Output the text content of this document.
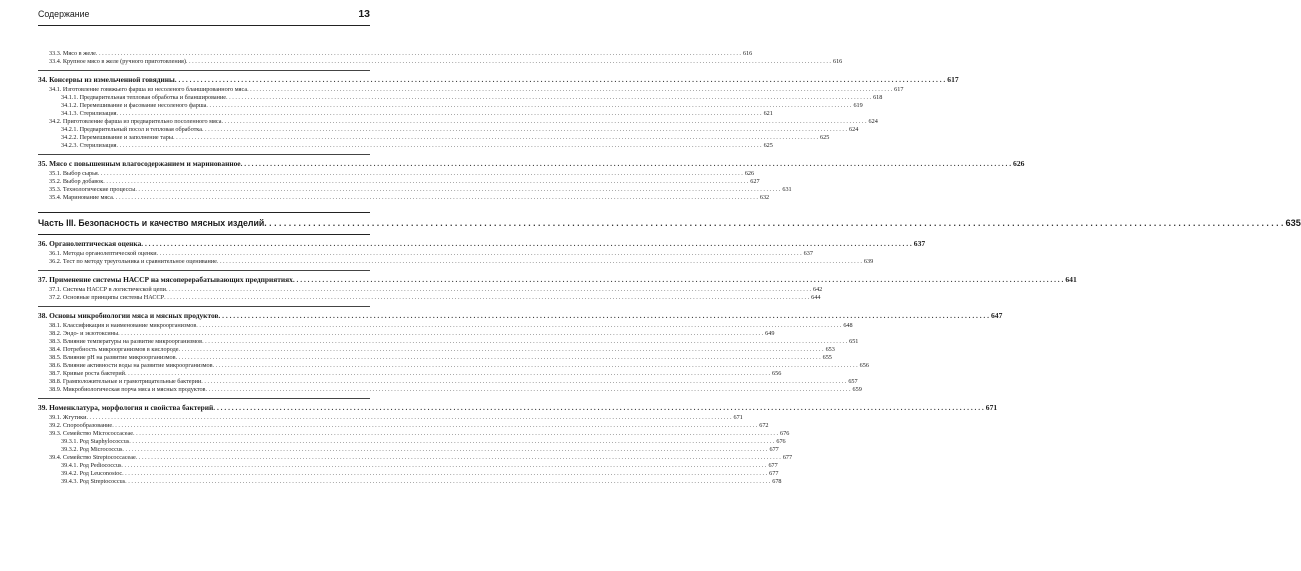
Содержание	13
33.3. Мясо в желе . . .	616
33.4. Крупное мясо в желе (ручного приготовления) . . .	616
34. Консервы из измельченной говядины . . .	617
34.1. Изготовление говяжьего фарша из несоленого бланшированного мяса . . .	617
34.1.1. Предварительная тепловая обработка и бланширование . . .	618
34.1.2. Перемешивание и фасование несоленого фарша . . .	619
34.1.3. Стерилизация . . .	621
34.2. Приготовление фарша из предварительно посоленного мяса . . .	624
34.2.1. Предварительный посол и тепловая обработка . . .	624
34.2.2. Перемешивание и заполнение тары . . .	625
34.2.3. Стерилизация . . .	625
35. Мясо с повышенным влагосодержанием и маринованное . . .	626
35.1. Выбор сырья . . .	626
35.2. Выбор добавок . . .	627
35.3. Технологические процессы . . .	631
35.4. Маринование мяса . . .	632
Часть III. Безопасность и качество мясных изделий . . .	635
36. Органолептическая оценка . . .	637
36.1. Методы органолептической оценки . . .	637
36.2. Тест по методу треугольника и сравнительное оценивание . . .	639
37. Применение системы НАССР на мясоперерабатывающих предприятиях . . .	641
37.1. Система НАССР в логистической цепи . . .	642
37.2. Основные принципы системы НАССР . . .	644
38. Основы микробиологии мяса и мясных продуктов . . .	647
38.1. Классификация и наименование микроорганизмов . . .	648
38.2. Эндо- и экзотоксины . . .	649
38.3. Влияние температуры на развитие микроорганизмов . . .	651
38.4. Потребность микроорганизмов в кислороде . . .	653
38.5. Влияние pH на развитие микроорганизмов . . .	655
38.6. Влияние активности воды на развитие микроорганизмов . . .	656
38.7. Кривые роста бактерий . . .	656
38.8. Грамположительные и грамотрицательные бактерии . . .	657
38.9. Микробиологическая порча мяса и мясных продуктов . . .	659
39. Номенклатура, морфология и свойства бактерий . . .	671
39.1. Жгутики . . .	671
39.2. Спорообразование . . .	672
39.3. Семейство Micrococcaceae . . .	676
39.3.1. Род Staphylococcus . . .	676
39.3.2. Род Micrococcus . . .	677
39.4. Семейство Streptococcaceae . . .	677
39.4.1. Род Pediococcus . . .	677
39.4.2. Род Leuconostoc . . .	677
39.4.3. Род Streptococcus . . .	678
